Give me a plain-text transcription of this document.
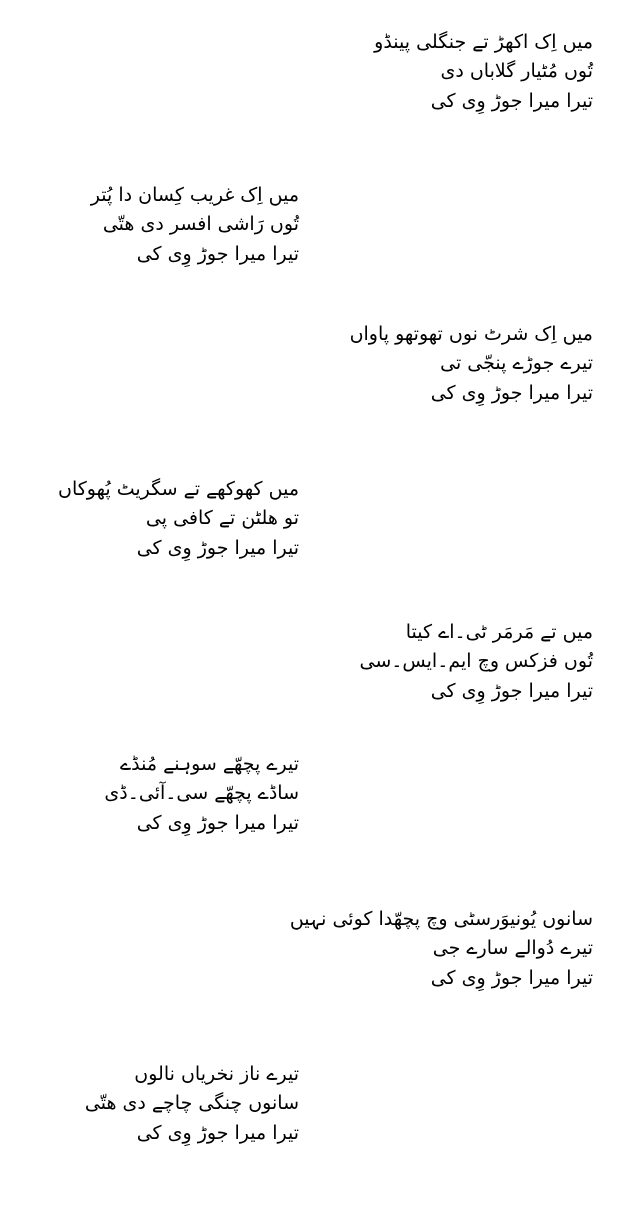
میں اِک اکھڑ تے جنگلی پینڈو
تُوں مُٹیار گلاباں دی
تیرا میرا جوڑ وِی کی
میں اِک غریب کِسان دا پُتر
تُوں رَاشی افسر دی ھتّی
تیرا میرا جوڑ وِی کی
میں اِک شرٹ نوں تھوتھو پاواں
تیرے جوڑے پنجّی تی
تیرا میرا جوڑ وِی کی
میں کھوکھے تے سگریٹ پُھوکاں
تو ھلٹن تے کافی پی
تیرا میرا جوڑ وِی کی
میں تے مَرمَر ٹی۔اے کیتا
تُوں فزکس وچ ایم۔ایس۔سی
تیرا میرا جوڑ وِی کی
تیرے پچھّے سوہنے مُنڈے
ساڈے پچھّے سی۔آئی۔ڈی
تیرا میرا جوڑ وِی کی
سانوں یُونیوَرسٹی وچ پچھّدا کوئی نہیں
تیرے دُوالے سارے جی
تیرا میرا جوڑ وِی کی
تیرے ناز نخریاں نالوں
سانوں چنگی چاچے دی ھتّی
تیرا میرا جوڑ وِی کی
